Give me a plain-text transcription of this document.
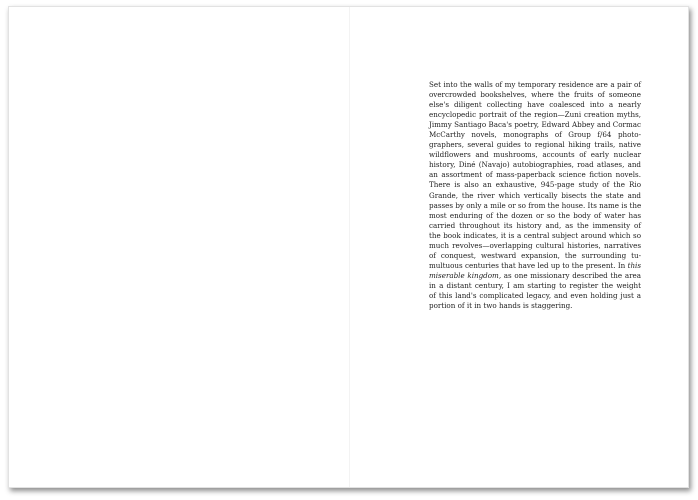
Set into the walls of my temporary residence are a pair of
overcrowded bookshelves, where the fruits of someone
else's diligent collecting have coalesced into a nearly
encyclopedic portrait of the region—Zuni creation myths,
Jimmy Santiago Baca's poetry, Edward Abbey and Cormac
McCarthy novels, monographs of Group f/64 photo-
graphers, several guides to regional hiking trails, native
wildflowers and mushrooms, accounts of early nuclear
history, Diné (Navajo) autobiographies, road atlases, and
an assortment of mass-paperback science fiction novels.
There is also an exhaustive, 945-page study of the Rio
Grande, the river which vertically bisects the state and
passes by only a mile or so from the house. Its name is the
most enduring of the dozen or so the body of water has
carried throughout its history and, as the immensity of
the book indicates, it is a central subject around which so
much revolves—overlapping cultural histories, narratives
of conquest, westward expansion, the surrounding tu-
multuous centuries that have led up to the present. In this
miserable kingdom, as one missionary described the area
in a distant century, I am starting to register the weight
of this land's complicated legacy, and even holding just a
portion of it in two hands is staggering.
